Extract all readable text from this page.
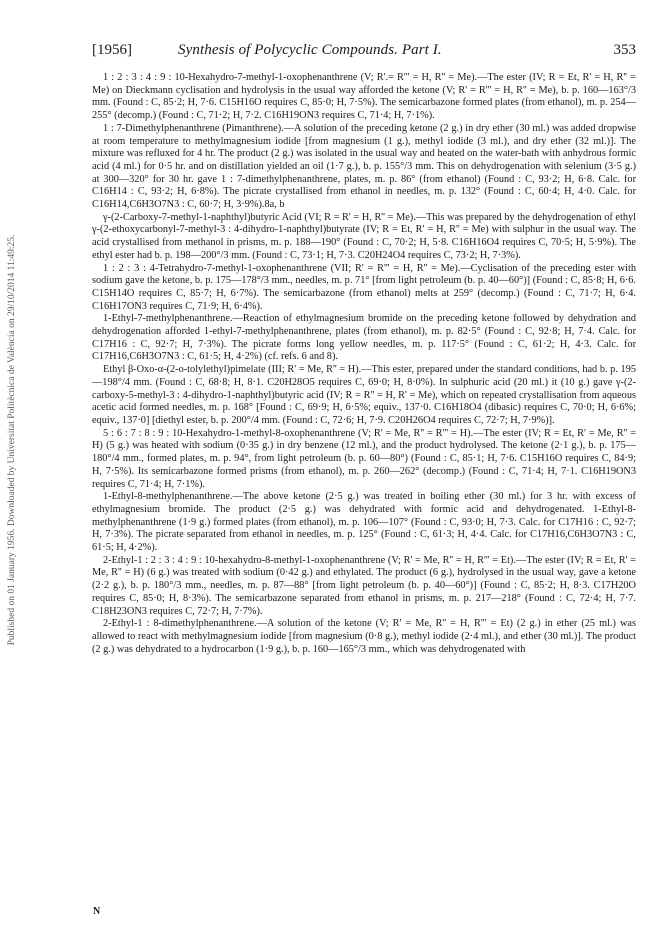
Published on 01 January 1956. Downloaded by Universitat Politècnica de València on 29/10/2014 11:49:25.
[1956]	Synthesis of Polycyclic Compounds. Part I.	353

1 : 2 : 3 : 4 : 9 : 10-Hexahydro-7-methyl-1-oxophenanthrene (V; R'.= R''' = H, R'' = Me).—The ester (IV; R = Et, R' = H, R'' = Me) on Dieckmann cyclisation and hydrolysis in the usual way afforded the ketone (V; R' = R''' = H, R'' = Me), b. p. 160—163°/3 mm. (Found : C, 85·2; H, 7·6. C15H16O requires C, 85·0; H, 7·5%). The semicarbazone formed plates (from ethanol), m. p. 254—255° (decomp.) (Found : C, 71·2; H, 7·2. C16H19ON3 requires C, 71·4; H, 7·1%).

1 : 7-Dimethylphenanthrene (Pimanthrene).—A solution of the preceding ketone (2 g.) in dry ether (30 ml.) was added dropwise at room temperature to methylmagnesium iodide [from magnesium (1 g.), methyl iodide (3 ml.), and dry ether (32 ml.)]. The mixture was refluxed for 4 hr. The product (2 g.) was isolated in the usual way and heated on the water-bath with anhydrous formic acid (4 ml.) for 0·5 hr. and on distillation yielded an oil (1·7 g.), b. p. 155°/3 mm. This on dehydrogenation with selenium (3·5 g.) at 300—320° for 30 hr. gave 1 : 7-dimethylphenanthrene, plates, m. p. 86° (from ethanol) (Found : C, 93·2; H, 6·8. Calc. for C16H14 : C, 93·2; H, 6·8%). The picrate crystallised from ethanol in needles, m. p. 132° (Found : C, 60·4; H, 4·0. Calc. for C16H14,C6H3O7N3 : C, 60·7; H, 3·9%).8a, b

γ-(2-Carboxy-7-methyl-1-naphthyl)butyric Acid (VI; R = R' = H, R'' = Me).—This was prepared by the dehydrogenation of ethyl γ-(2-ethoxycarbonyl-7-methyl-3 : 4-dihydro-1-naphthyl)butyrate (IV; R = Et, R' = H, R'' = Me) with sulphur in the usual way. The acid crystallised from methanol in prisms, m. p. 188—190° (Found : C, 70·2; H, 5·8. C16H16O4 requires C, 70·5; H, 5·9%). The ethyl ester had b. p. 198—200°/3 mm. (Found : C, 73·1; H, 7·3. C20H24O4 requires C, 73·2; H, 7·3%).

1 : 2 : 3 : 4-Tetrahydro-7-methyl-1-oxophenanthrene (VII; R' = R''' = H, R'' = Me).—Cyclisation of the preceding ester with sodium gave the ketone, b. p. 175—178°/3 mm., needles, m. p. 71° [from light petroleum (b. p. 40—60°)] (Found : C, 85·8; H, 6·6. C15H14O requires C, 85·7; H, 6·7%). The semicarbazone (from ethanol) melts at 259° (decomp.) (Found : C, 71·7; H, 6·4. C16H17ON3 requires C, 71·9; H, 6·4%).

1-Ethyl-7-methylphenanthrene.—Reaction of ethylmagnesium bromide on the preceding ketone followed by dehydration and dehydrogenation afforded 1-ethyl-7-methylphenanthrene, plates (from ethanol), m. p. 82·5° (Found : C, 92·8; H, 7·4. Calc. for C17H16 : C, 92·7; H, 7·3%). The picrate forms long yellow needles, m. p. 117·5° (Found : C, 61·2; H, 4·3. Calc. for C17H16,C6H3O7N3 : C, 61·5; H, 4·2%) (cf. refs. 6 and 8).

Ethyl β-Oxo-α-(2-o-tolylethyl)pimelate (III; R' = Me, R'' = H).—This ester, prepared under the standard conditions, had b. p. 195—198°/4 mm. (Found : C, 68·8; H, 8·1. C20H28O5 requires C, 69·0; H, 8·0%). In sulphuric acid (20 ml.) it (10 g.) gave γ-(2-carboxy-5-methyl-3 : 4-dihydro-1-naphthyl)butyric acid (IV; R = R'' = H, R' = Me), which on repeated crystallisation from aqueous acetic acid formed needles, m. p. 168° [Found : C, 69·9; H, 6·5%; equiv., 137·0. C16H18O4 (dibasic) requires C, 70·0; H, 6·6%; equiv., 137·0] [diethyl ester, b. p. 200°/4 mm. (Found : C, 72·6; H, 7·9. C20H26O4 requires C, 72·7; H, 7·9%)].

5 : 6 : 7 : 8 : 9 : 10-Hexahydro-1-methyl-8-oxophenanthrene (V; R' = Me, R'' = R''' = H).—The ester (IV; R = Et, R' = Me, R'' = H) (5 g.) was heated with sodium (0·35 g.) in dry benzene (12 ml.), and the product hydrolysed. The ketone (2·1 g.), b. p. 175—180°/4 mm., formed plates, m. p. 94°, from light petroleum (b. p. 60—80°) (Found : C, 85·1; H, 7·6. C15H16O requires C, 84·9; H, 7·5%). Its semicarbazone formed prisms (from ethanol), m. p. 260—262° (decomp.) (Found : C, 71·4; H, 7·1. C16H19ON3 requires C, 71·4; H, 7·1%).

1-Ethyl-8-methylphenanthrene.—The above ketone (2·5 g.) was treated in boiling ether (30 ml.) for 3 hr. with excess of ethylmagnesium bromide. The product (2·5 g.) was dehydrated with formic acid and dehydrogenated. 1-Ethyl-8-methylphenanthrene (1·9 g.) formed plates (from ethanol), m. p. 106—107° (Found : C, 93·0; H, 7·3. Calc. for C17H16 : C, 92·7; H, 7·3%). The picrate separated from ethanol in needles, m. p. 125° (Found : C, 61·3; H, 4·4. Calc. for C17H16,C6H3O7N3 : C, 61·5; H, 4·2%).

2-Ethyl-1 : 2 : 3 : 4 : 9 : 10-hexahydro-8-methyl-1-oxophenanthrene (V; R' = Me, R'' = H, R''' = Et).—The ester (IV; R = Et, R' = Me, R'' = H) (6 g.) was treated with sodium (0·42 g.) and ethylated. The product (6 g.), hydrolysed in the usual way, gave a ketone (2·2 g.), b. p. 180°/3 mm., needles, m. p. 87—88° [from light petroleum (b. p. 40—60°)] (Found : C, 85·2; H, 8·3. C17H20O requires C, 85·0; H, 8·3%). The semicarbazone separated from ethanol in prisms, m. p. 217—218° (Found : C, 72·4; H, 7·7. C18H23ON3 requires C, 72·7; H, 7·7%).

2-Ethyl-1 : 8-dimethylphenanthrene.—A solution of the ketone (V; R' = Me, R'' = H, R''' = Et) (2 g.) in ether (25 ml.) was allowed to react with methylmagnesium iodide [from magnesium (0·8 g.), methyl iodide (2·4 ml.), and ether (30 ml.)]. The product (2 g.) was dehydrated to a hydrocarbon (1·9 g.), b. p. 160—165°/3 mm., which was dehydrogenated with

N
